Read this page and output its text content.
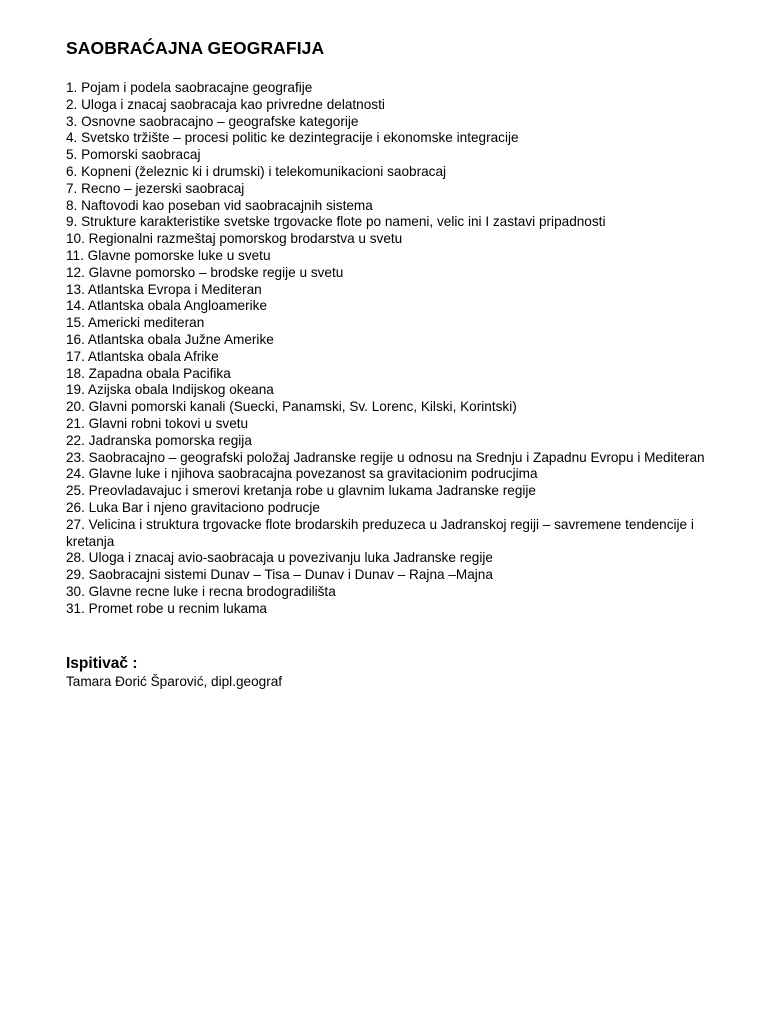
SAOBRAĆAJNA GEOGRAFIJA
1. Pojam i podela saobracajne geografije
2. Uloga i znacaj saobracaja kao privredne delatnosti
3. Osnovne saobracajno – geografske kategorije
4. Svetsko tržište – procesi politic ke dezintegracije i ekonomske integracije
5. Pomorski saobracaj
6. Kopneni (železnic ki i drumski) i telekomunikacioni saobracaj
7. Recno – jezerski saobracaj
8. Naftovodi kao poseban vid saobracajnih sistema
9. Strukture karakteristike svetske trgovacke flote po nameni, velic ini I zastavi pripadnosti
10. Regionalni razmeštaj pomorskog brodarstva u svetu
11. Glavne pomorske luke u svetu
12. Glavne pomorsko – brodske regije u svetu
13. Atlantska Evropa i Mediteran
14. Atlantska obala Angloamerike
15. Americki mediteran
16. Atlantska obala Južne Amerike
17. Atlantska obala Afrike
18. Zapadna obala Pacifika
19. Azijska obala Indijskog okeana
20. Glavni pomorski kanali (Suecki, Panamski, Sv. Lorenc, Kilski, Korintski)
21. Glavni robni tokovi u svetu
22. Jadranska pomorska regija
23. Saobracajno – geografski položaj Jadranske regije u odnosu na Srednju i Zapadnu Evropu i Mediteran
24. Glavne luke i njihova saobracajna povezanost sa gravitacionim podrucjima
25. Preovladavajuc i smerovi kretanja robe u glavnim lukama Jadranske regije
26. Luka Bar i njeno gravitaciono podrucje
27. Velicina i struktura trgovacke flote brodarskih preduzeca u Jadranskoj regiji – savremene tendencije i kretanja
28. Uloga i znacaj avio-saobracaja u povezivanju luka Jadranske regije
29. Saobracajni sistemi Dunav – Tisa – Dunav i Dunav – Rajna –Majna
30. Glavne recne luke i recna brodogradilišta
31. Promet robe u recnim lukama

Ispitivač :

Tamara Đorić Šparović, dipl.geograf
